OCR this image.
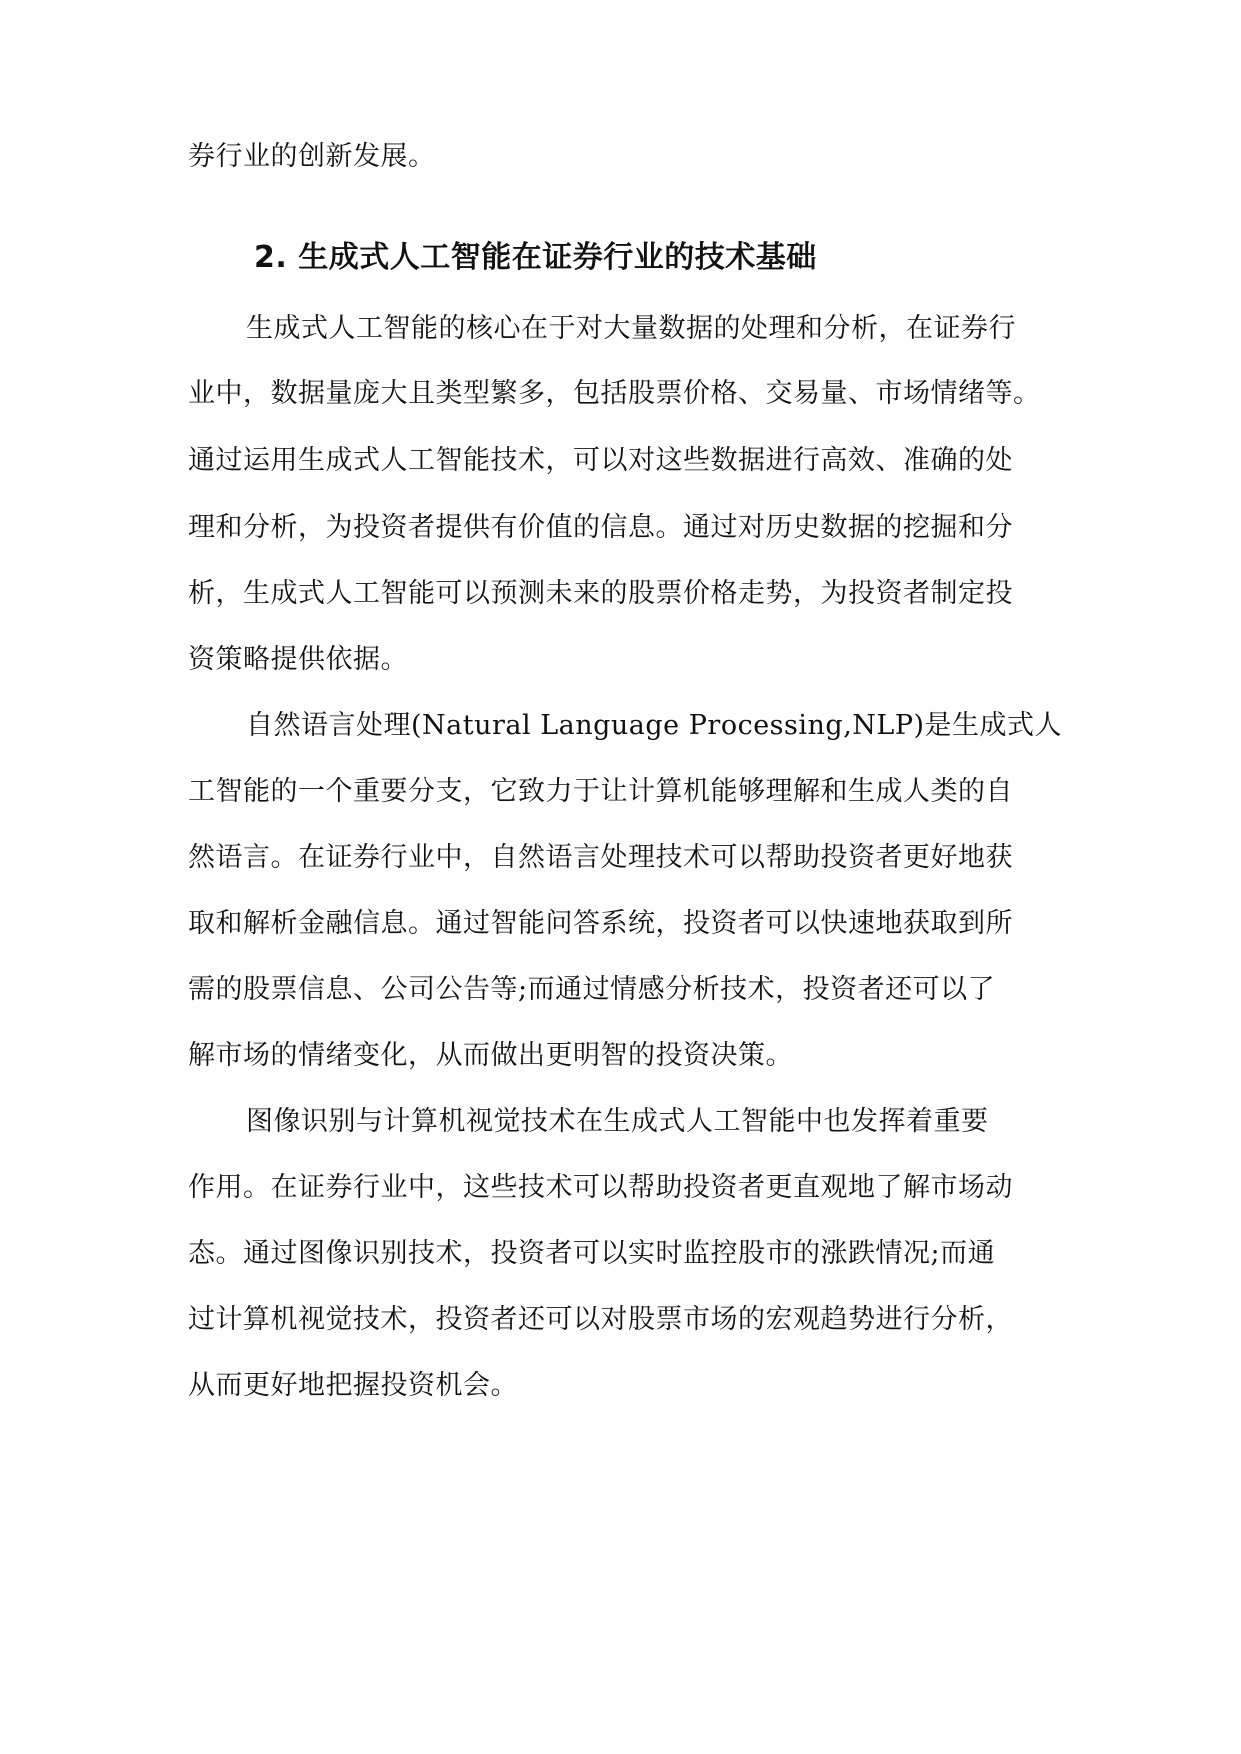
券行业的创新发展。
2. 生成式人工智能在证券行业的技术基础
生成式人工智能的核心在于对大量数据的处理和分析，在证券行
业中，数据量庞大且类型繁多，包括股票价格、交易量、市场情绪等。
通过运用生成式人工智能技术，可以对这些数据进行高效、准确的处
理和分析，为投资者提供有价值的信息。通过对历史数据的挖掘和分
析，生成式人工智能可以预测未来的股票价格走势，为投资者制定投
资策略提供依据。
自然语言处理(Natural Language Processing,NLP)是生成式人
工智能的一个重要分支，它致力于让计算机能够理解和生成人类的自
然语言。在证券行业中，自然语言处理技术可以帮助投资者更好地获
取和解析金融信息。通过智能问答系统，投资者可以快速地获取到所
需的股票信息、公司公告等;而通过情感分析技术，投资者还可以了
解市场的情绪变化，从而做出更明智的投资决策。
图像识别与计算机视觉技术在生成式人工智能中也发挥着重要
作用。在证券行业中，这些技术可以帮助投资者更直观地了解市场动
态。通过图像识别技术，投资者可以实时监控股市的涨跌情况;而通
过计算机视觉技术，投资者还可以对股票市场的宏观趋势进行分析，
从而更好地把握投资机会。
